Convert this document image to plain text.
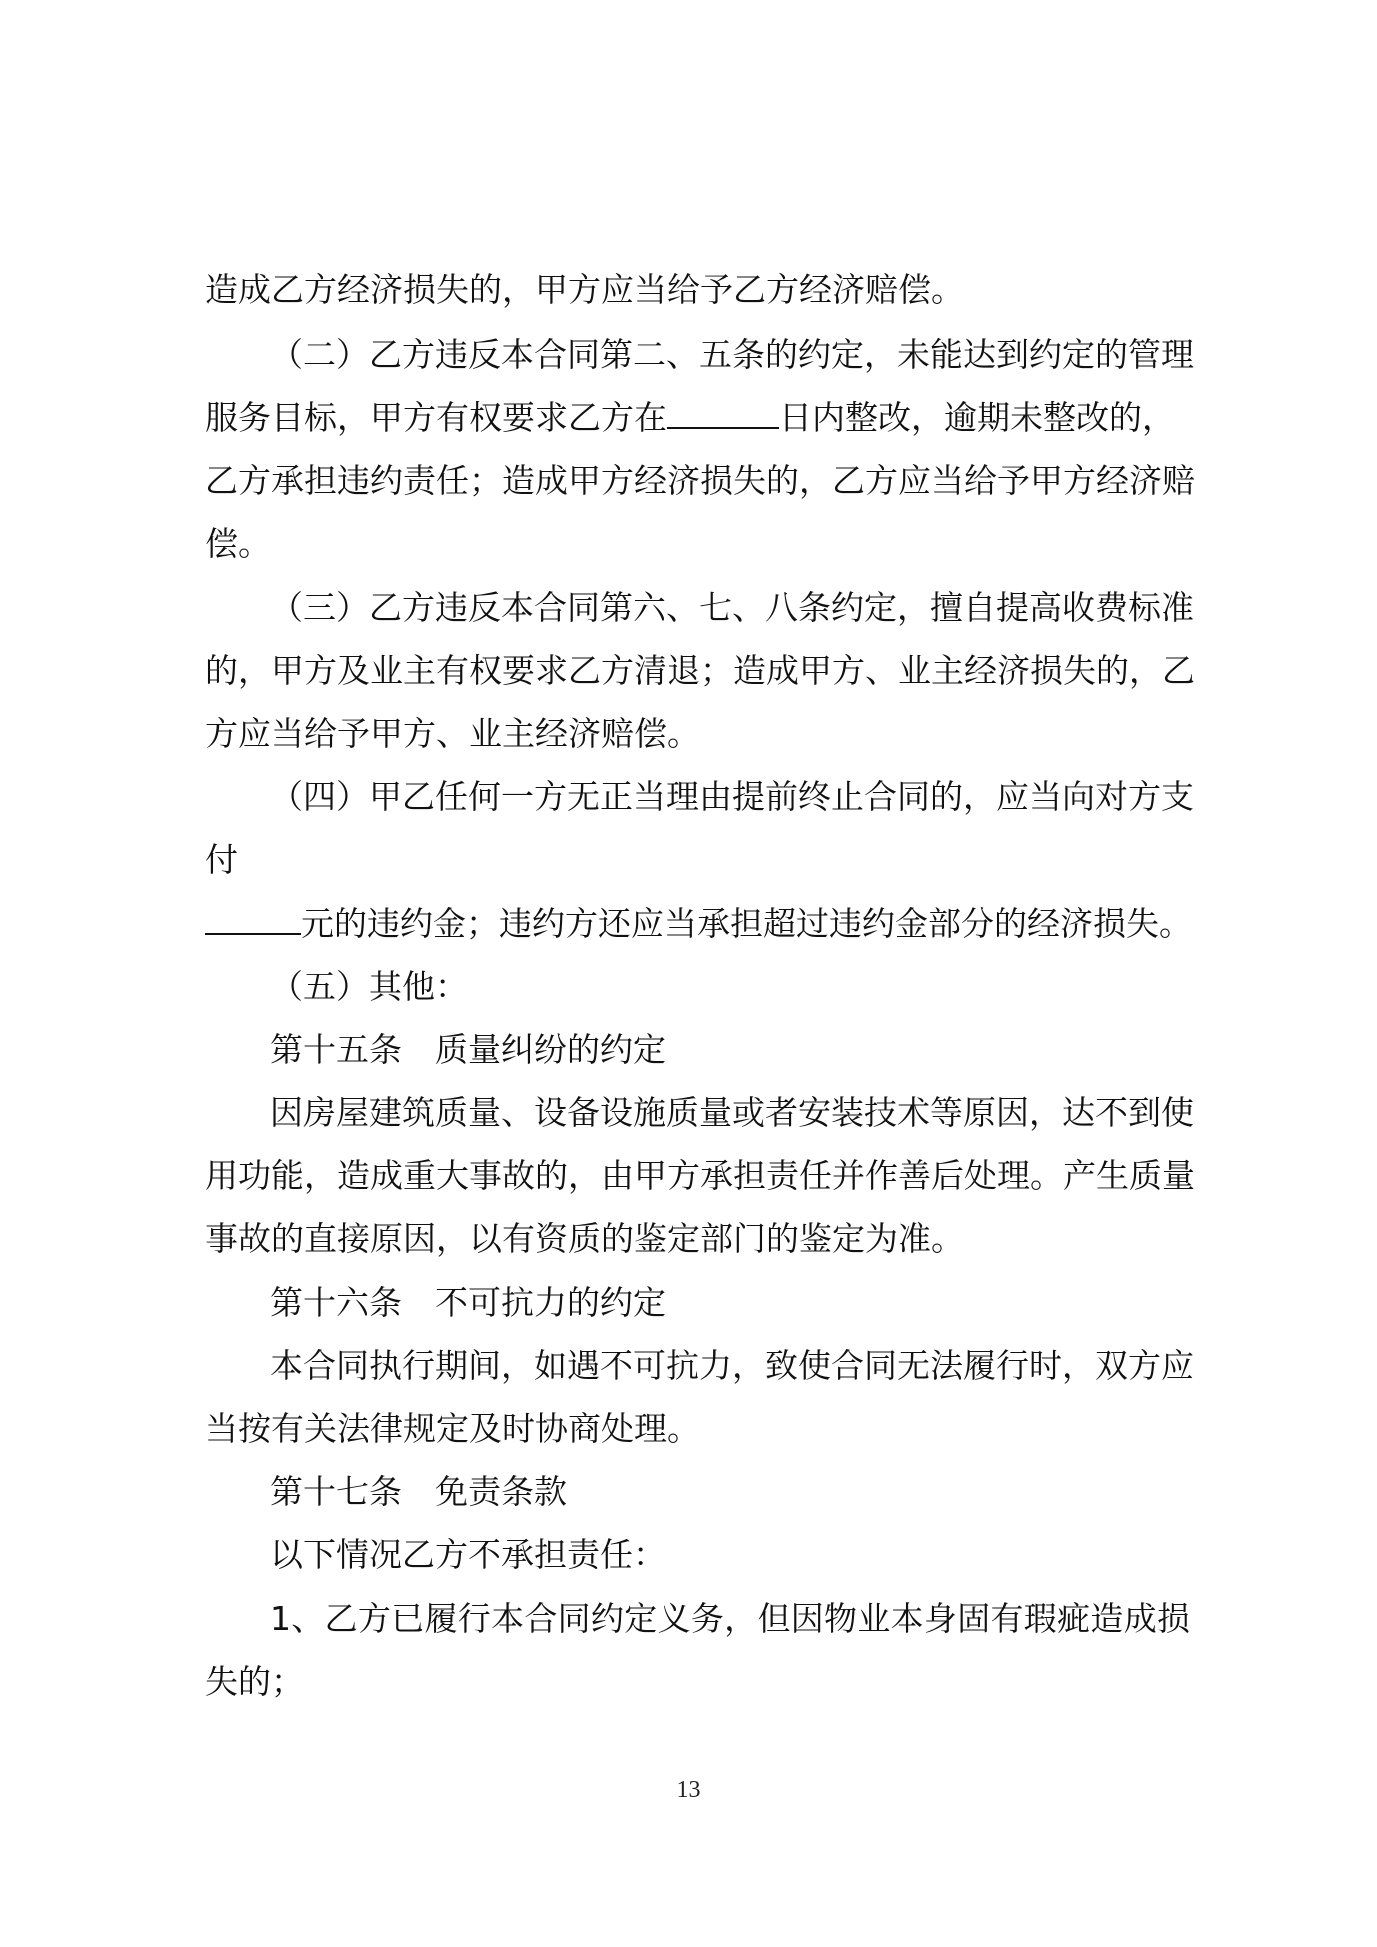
造成乙方经济损失的，甲方应当给予乙方经济赔偿。
（二）乙方违反本合同第二、五条的约定，未能达到约定的管理
服务目标，甲方有权要求乙方在	日内整改，逾期未整改的，
乙方承担违约责任；造成甲方经济损失的，乙方应当给予甲方经济赔
偿。
（三）乙方违反本合同第六、七、八条约定，擅自提高收费标准
的，甲方及业主有权要求乙方清退；造成甲方、业主经济损失的，乙
方应当给予甲方、业主经济赔偿。
（四）甲乙任何一方无正当理由提前终止合同的，应当向对方支
付
元的违约金；违约方还应当承担超过违约金部分的经济损失。
（五）其他：
第十五条　质量纠纷的约定
因房屋建筑质量、设备设施质量或者安装技术等原因，达不到使
用功能，造成重大事故的，由甲方承担责任并作善后处理。产生质量
事故的直接原因，以有资质的鉴定部门的鉴定为准。
第十六条　不可抗力的约定
本合同执行期间，如遇不可抗力，致使合同无法履行时，双方应
当按有关法律规定及时协商处理。
第十七条　免责条款
以下情况乙方不承担责任：
1、乙方已履行本合同约定义务，但因物业本身固有瑕疵造成损
失的；
13
